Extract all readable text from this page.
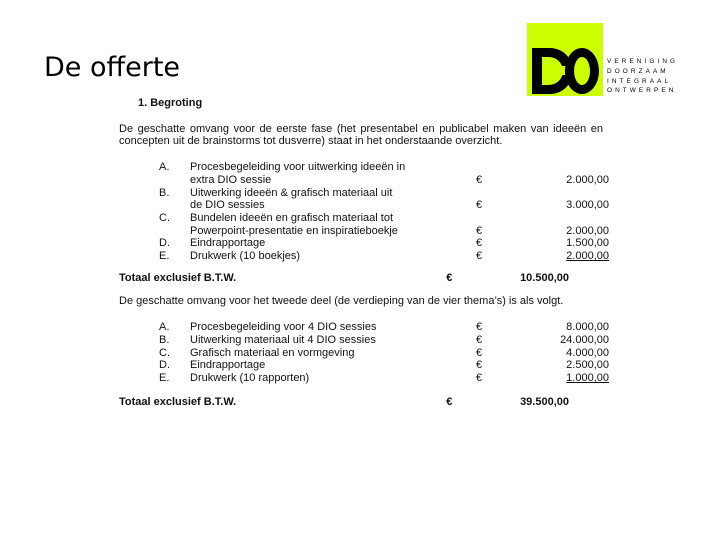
De offerte	VERENIGING
DOORZAAM
INTEGRAAL
ONTWERPEN
1. Begroting

De geschatte omvang voor de eerste fase (het presentabel en publicabel maken van ideeën en concepten uit de brainstorms tot dusverre) staat in het onderstaande overzicht.

A.	Procesbegeleiding voor uitwerking ideeën in		
	extra DIO sessie	€	2.000,00
B.	Uitwerking ideeën & grafisch materiaal uit		
	de DIO sessies	€	3.000,00
C.	Bundelen ideeën en grafisch materiaal tot		
	Powerpoint-presentatie en inspiratieboekje	€	2.000,00
D.	Eindrapportage	€	1.500,00
E.	Drukwerk (10 boekjes)	€	2.000,00
Totaal exclusief B.T.W.	€	10.500,00

De geschatte omvang voor het tweede deel (de verdieping van de vier thema’s) is als volgt.

A.	Procesbegeleiding voor 4 DIO sessies	€	8.000,00
B.	Uitwerking materiaal uit 4 DIO sessies	€	24.000,00
C.	Grafisch materiaal en vormgeving	€	4.000,00
D.	Eindrapportage	€	2.500,00
E.	Drukwerk (10 rapporten)	€	1.000,00
Totaal exclusief B.T.W.	€	39.500,00
